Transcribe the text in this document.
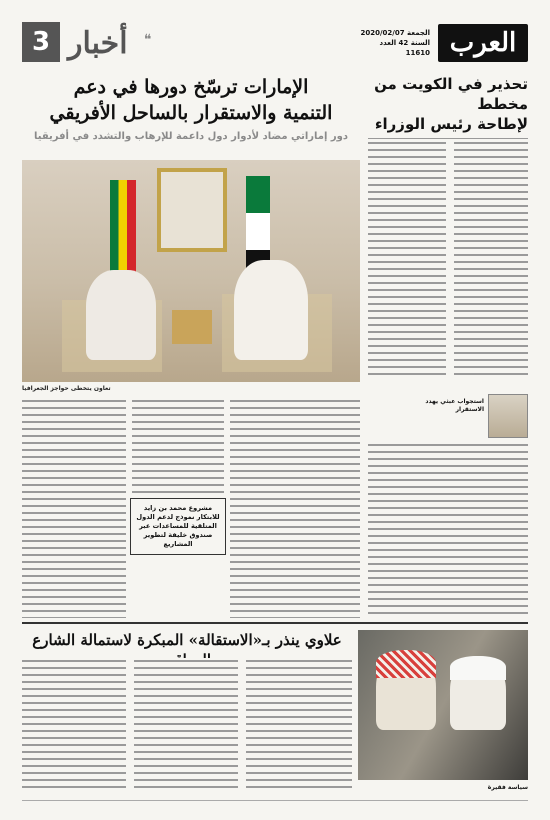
العرب
الجمعة 2020/02/07
السنة 42 العدد 11610
❝
أخبار
3
تحذير في الكويت من مخطط
لإطاحة رئيس الوزراء
استجواب عبثي يهدد الاستقرار
الإمارات ترسّخ دورها في دعم
التنمية والاستقرار بالساحل الأفريقي
دور إماراتي مضاد لأدوار دول داعمة للإرهاب والتشدد في أفريقيا
تعاون يتخطى حواجز الجغرافيا
مشروع محمد بن زايد للابتكار نموذج لدعم الدول المتلقية للمساعدات عبر صندوق خليفة لتطوير المشاريع
علاوي ينذر بـ«الاستقالة» المبكرة لاستمالة الشارع
سياسة فقيرة
